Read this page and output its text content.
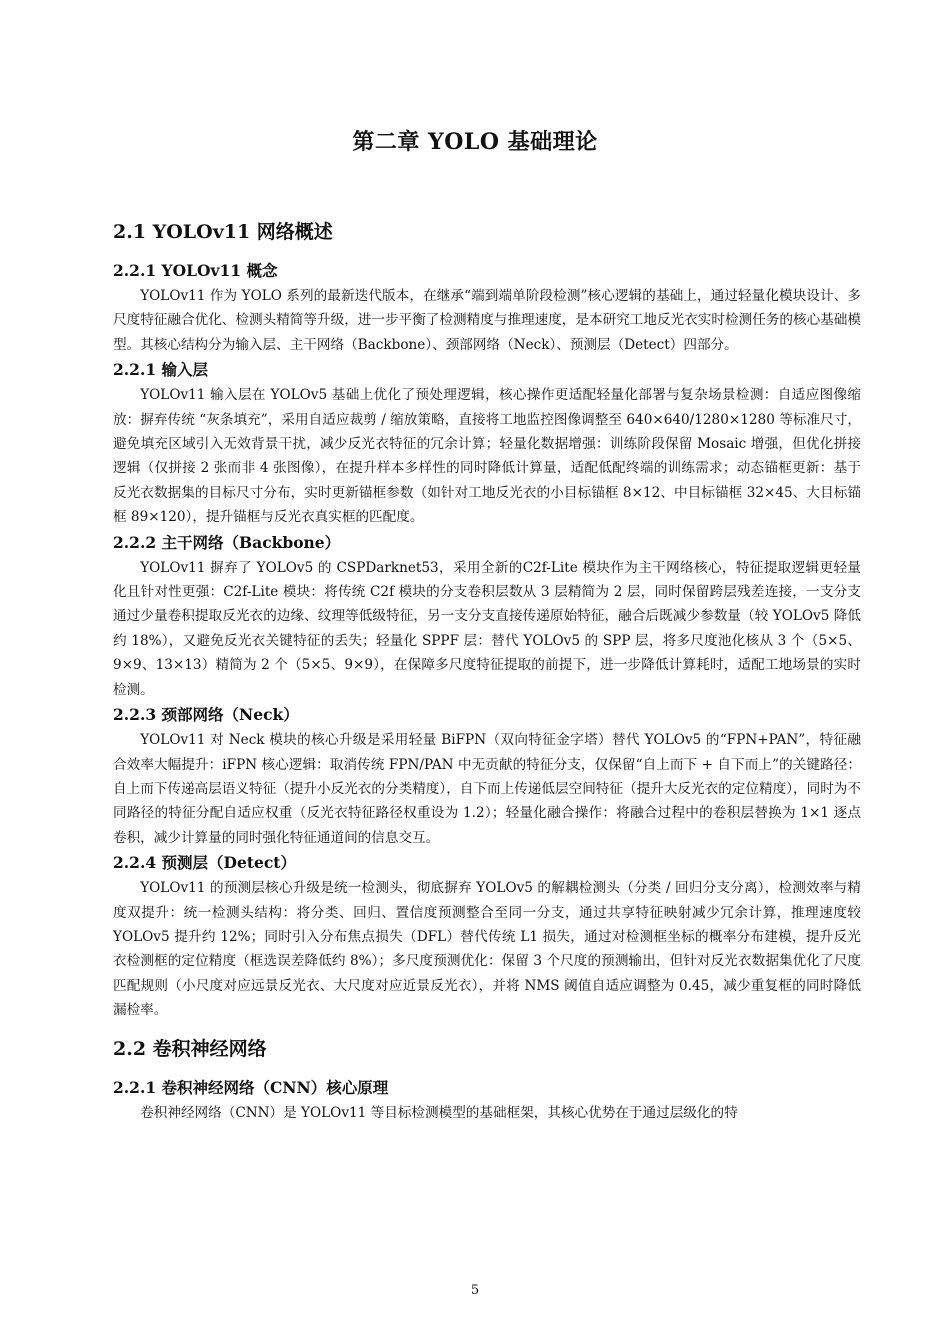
第二章 YOLO 基础理论
2.1 YOLOv11 网络概述
2.2.1 YOLOv11 概念

YOLOv11 作为 YOLO 系列的最新迭代版本，在继承“端到端单阶段检测”核心逻辑的基础上，通过轻量化模块设计、多尺度特征融合优化、检测头精简等升级，进一步平衡了检测精度与推理速度，是本研究工地反光衣实时检测任务的核心基础模型。其核心结构分为输入层、主干网络（Backbone）、颈部网络（Neck）、预测层（Detect）四部分。

2.2.1 输入层

YOLOv11 输入层在 YOLOv5 基础上优化了预处理逻辑，核心操作更适配轻量化部署与复杂场景检测：自适应图像缩放：摒弃传统 “灰条填充”，采用自适应裁剪 / 缩放策略，直接将工地监控图像调整至 640×640/1280×1280 等标准尺寸，避免填充区域引入无效背景干扰，减少反光衣特征的冗余计算；轻量化数据增强：训练阶段保留 Mosaic 增强，但优化拼接逻辑（仅拼接 2 张而非 4 张图像），在提升样本多样性的同时降低计算量，适配低配终端的训练需求；动态锚框更新：基于反光衣数据集的目标尺寸分布，实时更新锚框参数（如针对工地反光衣的小目标锚框 8×12、中目标锚框 32×45、大目标锚框 89×120），提升锚框与反光衣真实框的匹配度。

2.2.2 主干网络（Backbone）

YOLOv11 摒弃了 YOLOv5 的 CSPDarknet53，采用全新的C2f-Lite 模块作为主干网络核心，特征提取逻辑更轻量化且针对性更强：C2f-Lite 模块：将传统 C2f 模块的分支卷积层数从 3 层精简为 2 层，同时保留跨层残差连接，一支分支通过少量卷积提取反光衣的边缘、纹理等低级特征，另一支分支直接传递原始特征，融合后既减少参数量（较 YOLOv5 降低约 18%），又避免反光衣关键特征的丢失；轻量化 SPPF 层：替代 YOLOv5 的 SPP 层，将多尺度池化核从 3 个（5×5、9×9、13×13）精简为 2 个（5×5、9×9），在保障多尺度特征提取的前提下，进一步降低计算耗时，适配工地场景的实时检测。

2.2.3 颈部网络（Neck）

YOLOv11 对 Neck 模块的核心升级是采用轻量 BiFPN（双向特征金字塔）替代 YOLOv5 的“FPN+PAN”，特征融合效率大幅提升：iFPN 核心逻辑：取消传统 FPN/PAN 中无贡献的特征分支，仅保留“自上而下 + 自下而上”的关键路径：自上而下传递高层语义特征（提升小反光衣的分类精度），自下而上传递低层空间特征（提升大反光衣的定位精度），同时为不同路径的特征分配自适应权重（反光衣特征路径权重设为 1.2）；轻量化融合操作：将融合过程中的卷积层替换为 1×1 逐点卷积，减少计算量的同时强化特征通道间的信息交互。

2.2.4 预测层（Detect）

YOLOv11 的预测层核心升级是统一检测头，彻底摒弃 YOLOv5 的解耦检测头（分类 / 回归分支分离），检测效率与精度双提升：统一检测头结构：将分类、回归、置信度预测整合至同一分支，通过共享特征映射减少冗余计算，推理速度较 YOLOv5 提升约 12%；同时引入分布焦点损失（DFL）替代传统 L1 损失，通过对检测框坐标的概率分布建模，提升反光衣检测框的定位精度（框选误差降低约 8%）；多尺度预测优化：保留 3 个尺度的预测输出，但针对反光衣数据集优化了尺度匹配规则（小尺度对应远景反光衣、大尺度对应近景反光衣），并将 NMS 阈值自适应调整为 0.45，减少重复框的同时降低漏检率。

2.2 卷积神经网络
2.2.1 卷积神经网络（CNN）核心原理

卷积神经网络（CNN）是 YOLOv11 等目标检测模型的基础框架，其核心优势在于通过层级化的特

5
